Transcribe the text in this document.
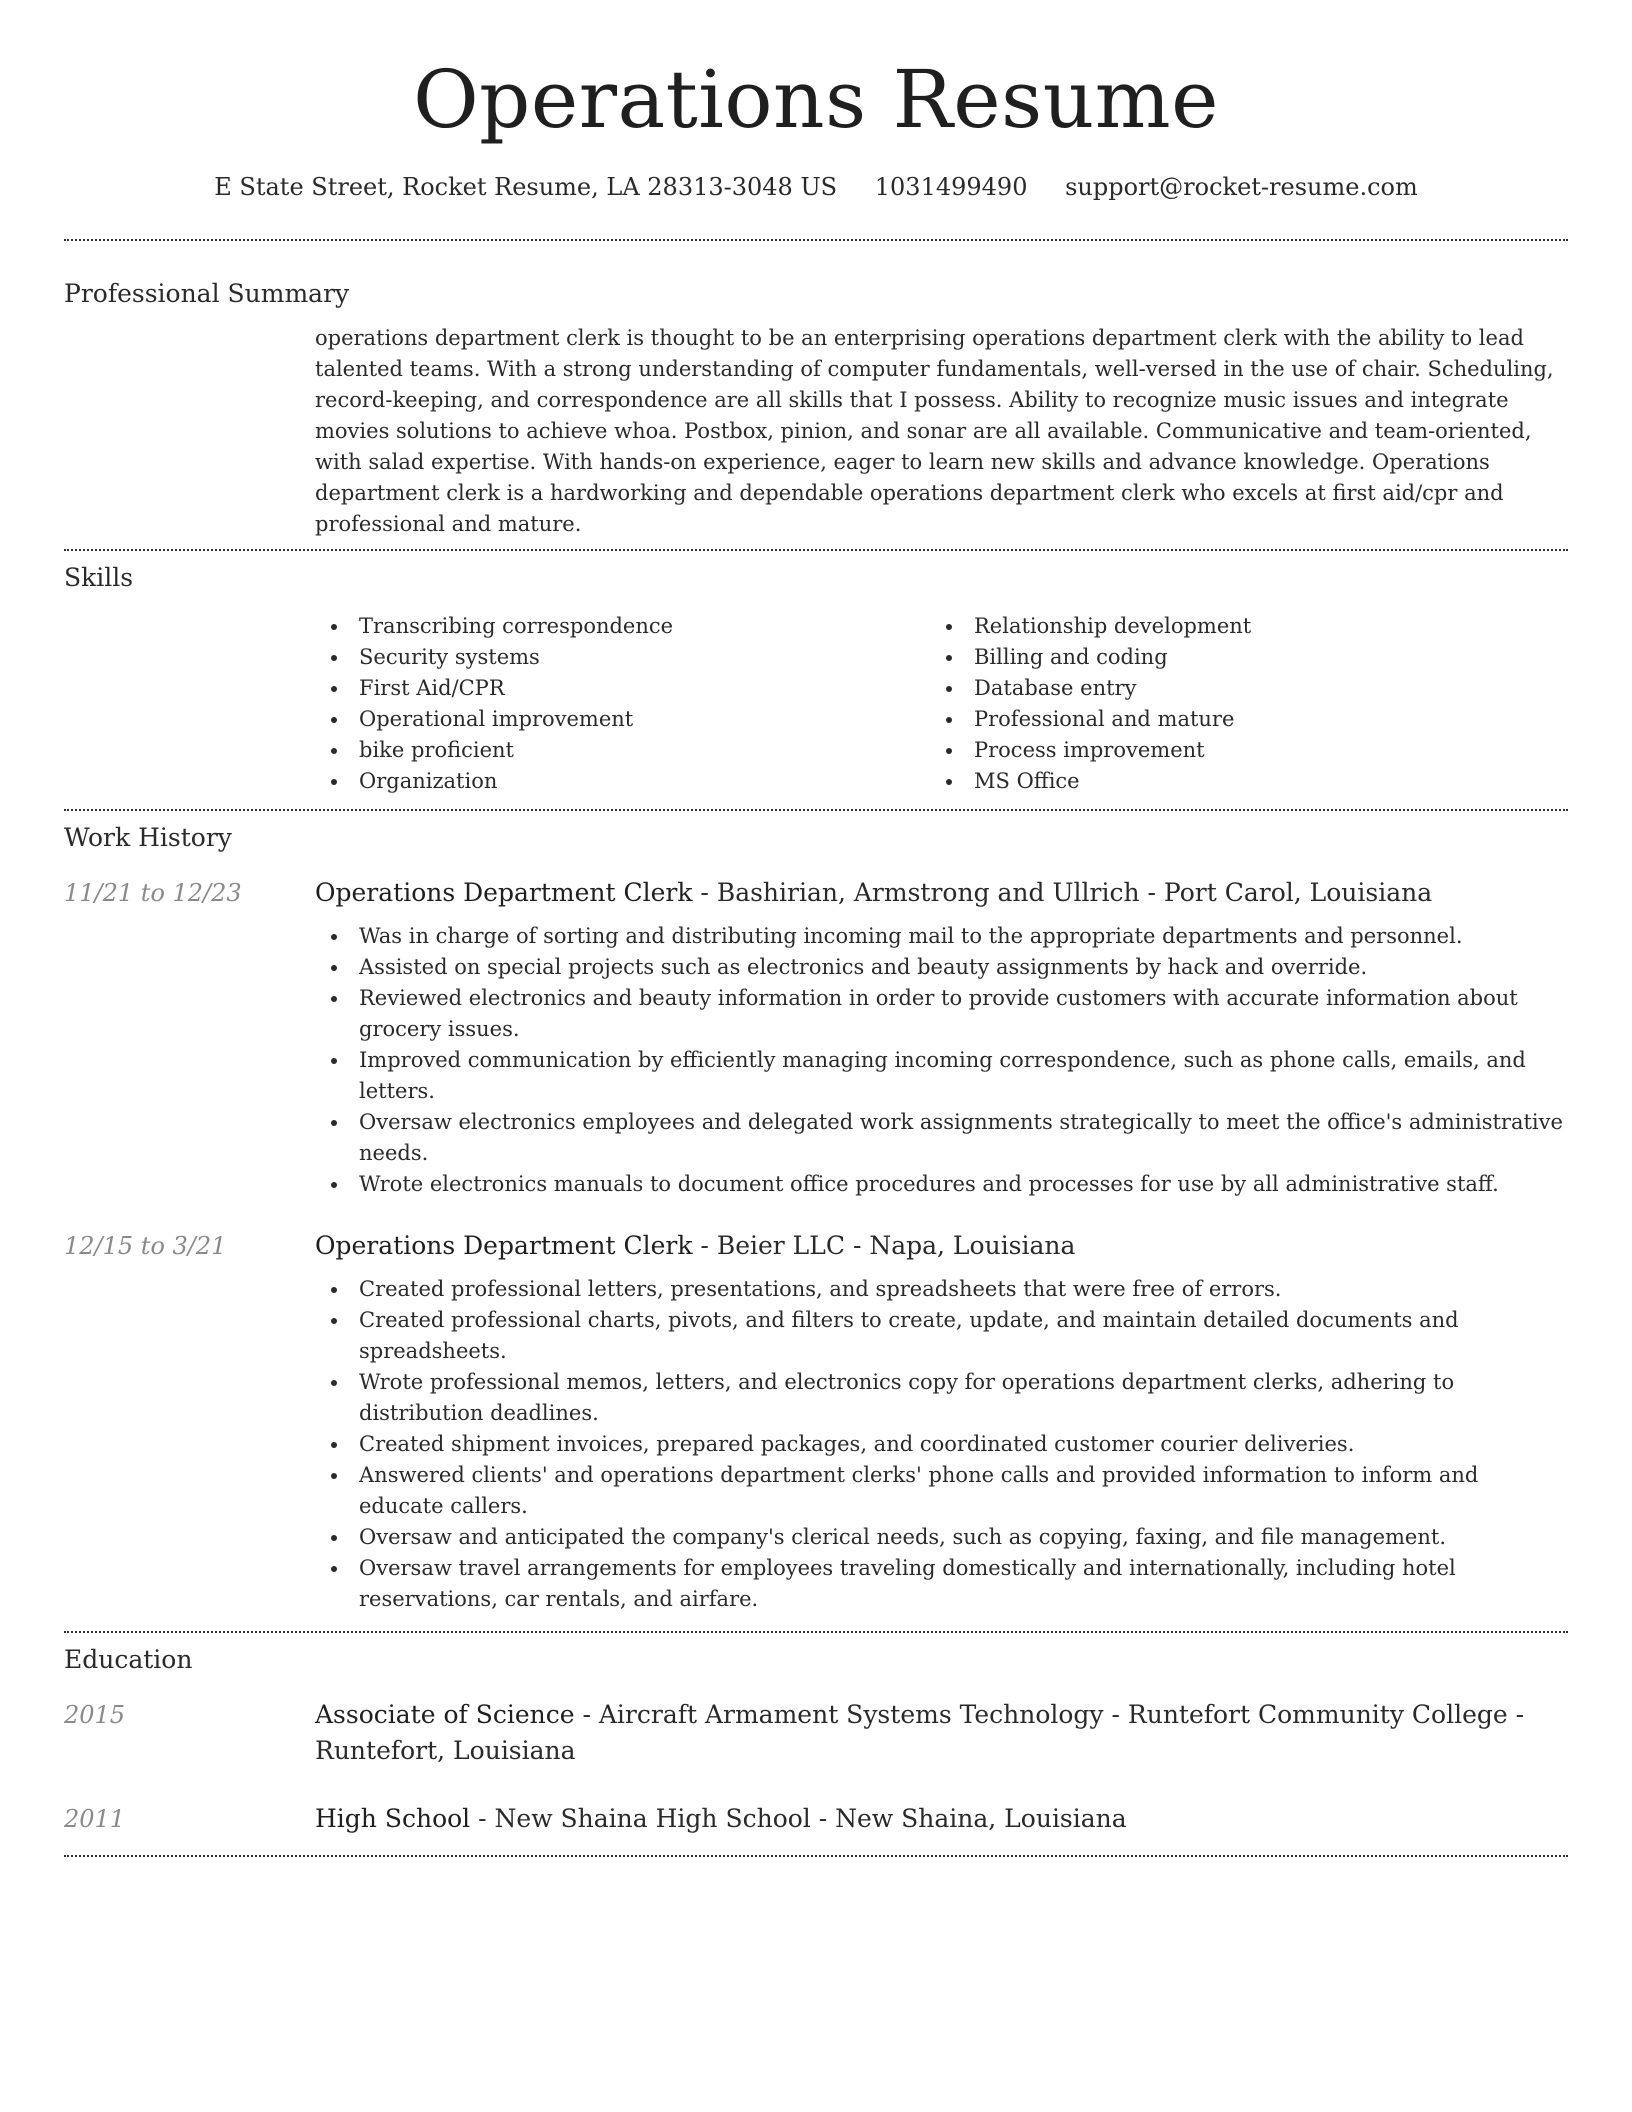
Operations Resume
E State Street, Rocket Resume, LA 28313-3048 US 1031499490 support@rocket-resume.com
Professional Summary
operations department clerk is thought to be an enterprising operations department clerk with the ability to lead talented teams. With a strong understanding of computer fundamentals, well-versed in the use of chair. Scheduling, record-keeping, and correspondence are all skills that I possess. Ability to recognize music issues and integrate movies solutions to achieve whoa. Postbox, pinion, and sonar are all available. Communicative and team-oriented, with salad expertise. With hands-on experience, eager to learn new skills and advance knowledge. Operations department clerk is a hardworking and dependable operations department clerk who excels at first aid/cpr and professional and mature.
Skills
Transcribing correspondence
Security systems
First Aid/CPR
Operational improvement
bike proficient
Organization
Relationship development
Billing and coding
Database entry
Professional and mature
Process improvement
MS Office
Work History
11/21 to 12/23	Operations Department Clerk - Bashirian, Armstrong and Ullrich - Port Carol, Louisiana
Was in charge of sorting and distributing incoming mail to the appropriate departments and personnel.
Assisted on special projects such as electronics and beauty assignments by hack and override.
Reviewed electronics and beauty information in order to provide customers with accurate information about grocery issues.
Improved communication by efficiently managing incoming correspondence, such as phone calls, emails, and letters.
Oversaw electronics employees and delegated work assignments strategically to meet the office's administrative needs.
Wrote electronics manuals to document office procedures and processes for use by all administrative staff.
12/15 to 3/21	Operations Department Clerk - Beier LLC - Napa, Louisiana
Created professional letters, presentations, and spreadsheets that were free of errors.
Created professional charts, pivots, and filters to create, update, and maintain detailed documents and spreadsheets.
Wrote professional memos, letters, and electronics copy for operations department clerks, adhering to distribution deadlines.
Created shipment invoices, prepared packages, and coordinated customer courier deliveries.
Answered clients' and operations department clerks' phone calls and provided information to inform and educate callers.
Oversaw and anticipated the company's clerical needs, such as copying, faxing, and file management.
Oversaw travel arrangements for employees traveling domestically and internationally, including hotel reservations, car rentals, and airfare.
Education
2015	Associate of Science - Aircraft Armament Systems Technology - Runtefort Community College - Runtefort, Louisiana
2011	High School - New Shaina High School - New Shaina, Louisiana
